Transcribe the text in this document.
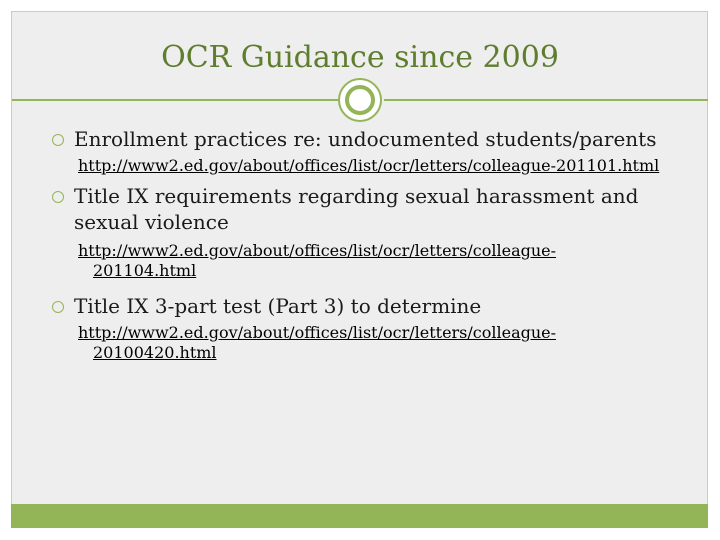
OCR Guidance since 2009
Enrollment practices re: undocumented students/parents
http://www2.ed.gov/about/offices/list/ocr/letters/colleague-201101.html
Title IX requirements regarding sexual harassment and sexual violence
http://www2.ed.gov/about/offices/list/ocr/letters/colleague-
201104.html
Title IX 3-part test (Part 3) to determine
http://www2.ed.gov/about/offices/list/ocr/letters/colleague-
20100420.html
